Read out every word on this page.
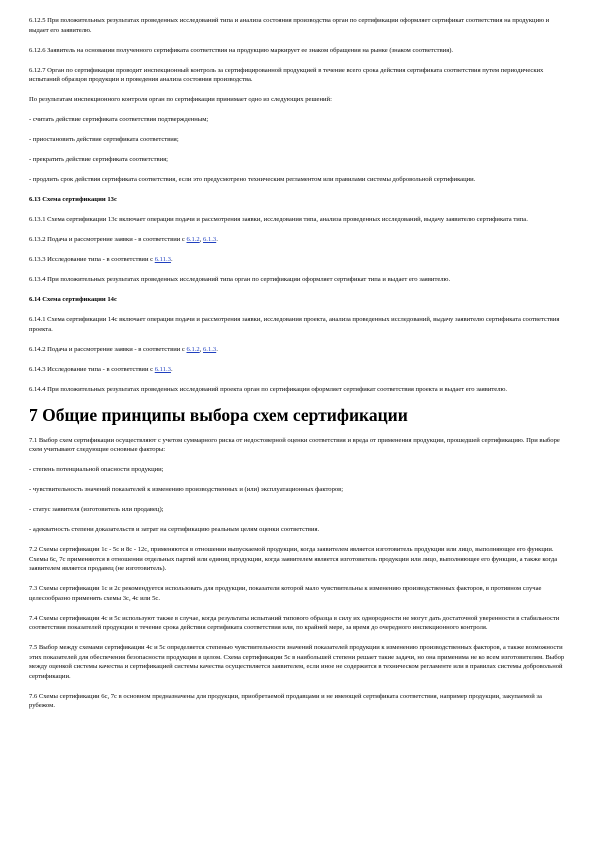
6.12.5 При положительных результатах проведенных исследований типа и анализа состояния производства орган по сертификации оформляет сертификат соответствия на продукцию и выдает его заявителю.

6.12.6 Заявитель на основании полученного сертификата соответствия на продукцию маркирует ее знаком обращения на рынке (знаком соответствия).

6.12.7 Орган по сертификации проводит инспекционный контроль за сертифицированной продукцией в течение всего срока действия сертификата соответствия путем периодических испытаний образцов продукции и проведения анализа состояния производства.

По результатам инспекционного контроля орган по сертификации принимает одно из следующих решений:

- считать действие сертификата соответствия подтвержденным;

- приостановить действие сертификата соответствия;

- прекратить действие сертификата соответствия;

- продлить срок действия сертификата соответствия, если это предусмотрено техническим регламентом или правилами системы добровольной сертификации.

6.13 Схема сертификации 13с

6.13.1 Схема сертификации 13с включает операции подачи и рассмотрения заявки, исследования типа, анализа проведенных исследований, выдачу заявителю сертификата типа.

6.13.2 Подача и рассмотрение заявки - в соответствии с 6.1.2, 6.1.3.

6.13.3 Исследование типа - в соответствии с 6.11.3.

6.13.4 При положительных результатах проведенных исследований типа орган по сертификации оформляет сертификат типа и выдает его заявителю.

6.14 Схема сертификации 14с

6.14.1 Схема сертификации 14с включает операции подачи и рассмотрения заявки, исследования проекта, анализа проведенных исследований, выдачу заявителю сертификата соответствия проекта.

6.14.2 Подача и рассмотрение заявки - в соответствии с 6.1.2, 6.1.3.

6.14.3 Исследование типа - в соответствии с 6.11.3.

6.14.4 При положительных результатах проведенных исследований проекта орган по сертификации оформляет сертификат соответствия проекта и выдает его заявителю.

7 Общие принципы выбора схем сертификации

7.1 Выбор схем сертификации осуществляют с учетом суммарного риска от недостоверной оценки соответствия и вреда от применения продукции, прошедшей сертификацию. При выборе схем учитывают следующие основные факторы:

- степень потенциальной опасности продукции;

- чувствительность значений показателей к изменению производственных и (или) эксплуатационных факторов;

- статус заявителя (изготовитель или продавец);

- адекватность степени доказательств и затрат на сертификацию реальным целям оценки соответствия.

7.2 Схемы сертификации 1с - 5с и 8с - 12с, применяются в отношении выпускаемой продукции, когда заявителем является изготовитель продукции или лицо, выполняющее его функции. Схемы 6с, 7с применяются в отношении отдельных партий или единиц продукции, когда заявителем является изготовитель продукции или лицо, выполняющее его функции, а также когда заявителем является продавец (не изготовитель).

7.3 Схемы сертификации 1с и 2с рекомендуется использовать для продукции, показатели которой мало чувствительны к изменению производственных факторов, в противном случае целесообразно применять схемы 3с, 4с или 5с.

7.4 Схемы сертификации 4с и 5с используют также в случае, когда результаты испытаний типового образца в силу их однородности не могут дать достаточной уверенности в стабильности соответствия показателей продукции в течение срока действия сертификата соответствия или, по крайней мере, за время до очередного инспекционного контроля.

7.5 Выбор между схемами сертификации 4с и 5с определяется степенью чувствительности значений показателей продукции к изменению производственных факторов, а также возможности этих показателей для обеспечения безопасности продукции в целом. Схема сертификации 5с в наибольшей степени решает такие задачи, но она применима не ко всем изготовителям. Выбор между оценкой системы качества и сертификацией системы качества осуществляется заявителем, если иное не содержится в техническом регламенте или в правилах системы добровольной сертификации.

7.6 Схемы сертификации 6с, 7с в основном предназначены для продукции, приобретаемой продавцами и не имеющей сертификата соответствия, например продукции, закупаемой за рубежом.
